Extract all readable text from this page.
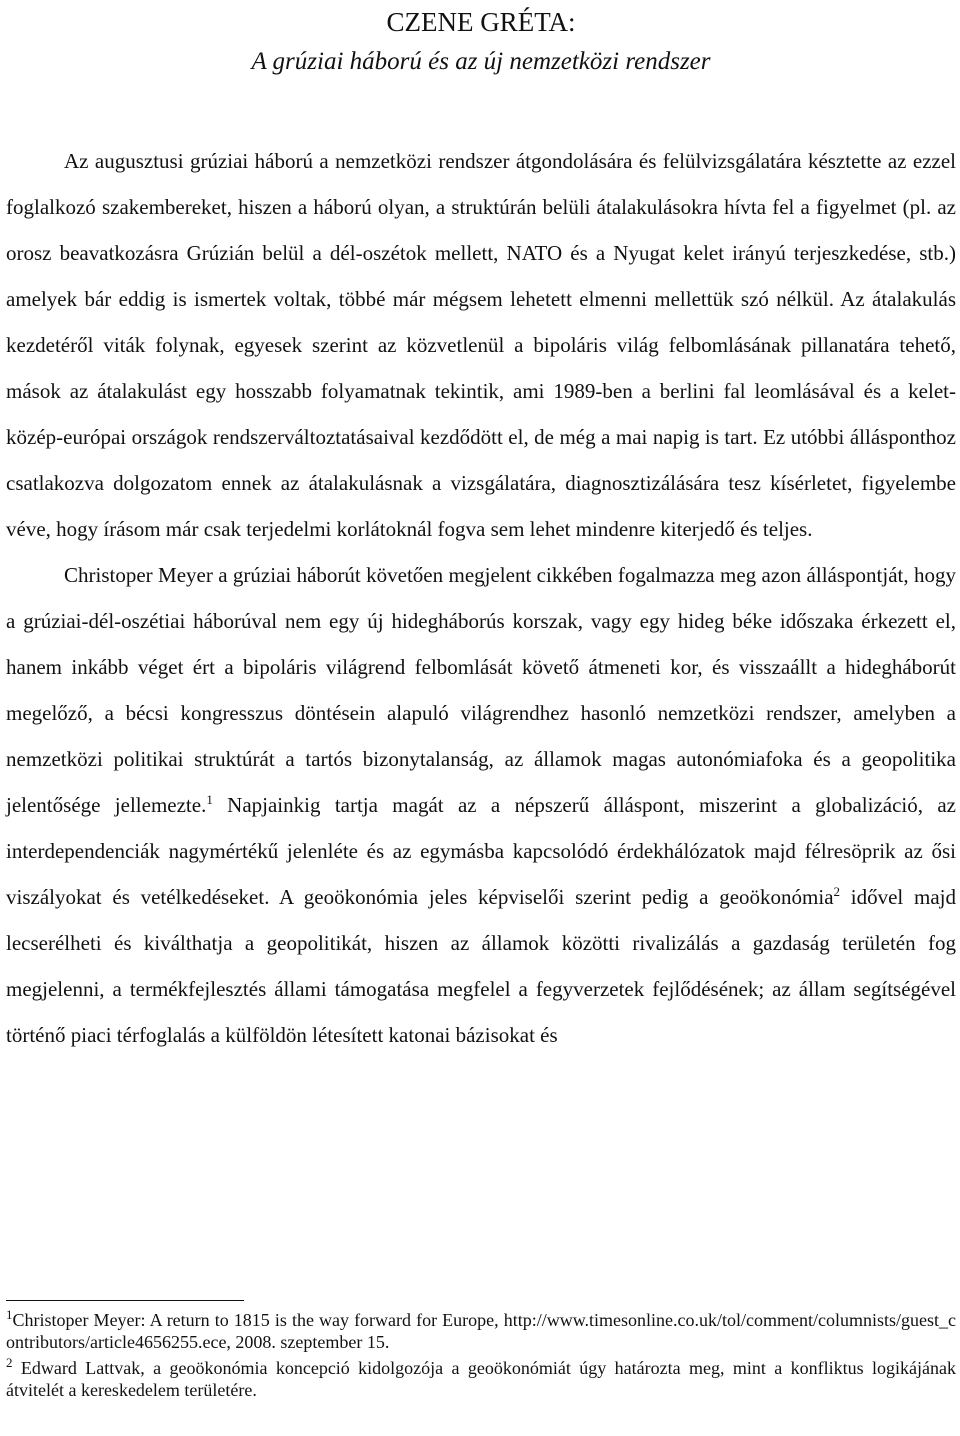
CZENE GRÉTA:
A grúziai háború és az új nemzetközi rendszer

Az augusztusi grúziai háború a nemzetközi rendszer átgondolására és felülvizsgálatára késztette az ezzel foglalkozó szakembereket, hiszen a háború olyan, a struktúrán belüli átalakulásokra hívta fel a figyelmet (pl. az orosz beavatkozásra Grúzián belül a dél-oszétok mellett, NATO és a Nyugat kelet irányú terjeszkedése, stb.) amelyek bár eddig is ismertek voltak, többé már mégsem lehetett elmenni mellettük szó nélkül. Az átalakulás kezdetéről viták folynak, egyesek szerint az közvetlenül a bipoláris világ felbomlásának pillanatára tehető, mások az átalakulást egy hosszabb folyamatnak tekintik, ami 1989-ben a berlini fal leomlásával és a kelet-közép-európai országok rendszerváltoztatásaival kezdődött el, de még a mai napig is tart. Ez utóbbi állásponthoz csatlakozva dolgozatom ennek az átalakulásnak a vizsgálatára, diagnosztizálására tesz kísérletet, figyelembe véve, hogy írásom már csak terjedelmi korlátoknál fogva sem lehet mindenre kiterjedő és teljes.

Christoper Meyer a grúziai háborút követően megjelent cikkében fogalmazza meg azon álláspontját, hogy a grúziai-dél-oszétiai háborúval nem egy új hidegháborús korszak, vagy egy hideg béke időszaka érkezett el, hanem inkább véget ért a bipoláris világrend felbomlását követő átmeneti kor, és visszaállt a hidegháborút megelőző, a bécsi kongresszus döntésein alapuló világrendhez hasonló nemzetközi rendszer, amelyben a nemzetközi politikai struktúrát a tartós bizonytalanság, az államok magas autonómiafoka és a geopolitika jelentősége jellemezte.$^1$ Napjainkig tartja magát az a népszerű álláspont, miszerint a globalizáció, az interdependenciák nagymértékű jelenléte és az egymásba kapcsolódó érdekhálózatok majd félresöprik az ősi viszályokat és vetélkedéseket. A geoökonómia jeles képviselői szerint pedig a geoökonómia$^2$ idővel majd lecserélheti és kiválthatja a geopolitikát, hiszen az államok közötti rivalizálás a gazdaság területén fog megjelenni, a termékfejlesztés állami támogatása megfelel a fegyverzetek fejlődésének; az állam segítségével történő piaci térfoglalás a külföldön létesített katonai bázisokat és

$^1$Christoper Meyer: A return to 1815 is the way forward for Europe, http://www.timesonline.co.uk/tol/comment/columnists/guest_contributors/article4656255.ece, 2008. szeptember 15.

$^2$ Edward Lattvak, a geoökonómia koncepció kidolgozója a geoökonómiát úgy határozta meg, mint a konfliktus logikájának átvitelét a kereskedelem területére.
